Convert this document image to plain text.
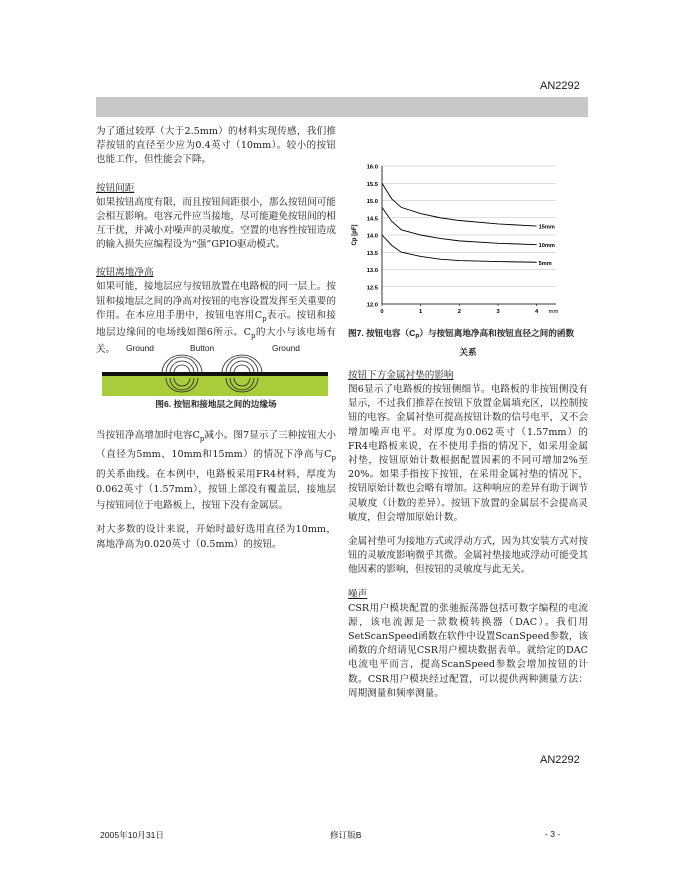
AN2292

为了通过较厚（大于2.5mm）的材料实现传感，我们推荐按钮的直径至少应为0.4英寸（10mm）。较小的按钮也能工作，但性能会下降。

按钮间距

如果按钮高度有限，而且按钮间距很小，那么按钮间可能会相互影响。电容元件应当接地，尽可能避免按钮间的相互干扰，并减小对噪声的灵敏度。空置的电容性按钮造成的输入损失应编程设为“强”GPIO驱动模式。

按钮离地净高

如果可能，接地层应与按钮放置在电路板的同一层上。按钮和接地层之间的净高对按钮的电容设置发挥至关重要的作用。在本应用手册中，按钮电容用$C_p$表示。按钮和接地层边缘间的电场线如图6所示。$C_p$的大小与该电场有关。	Ground	Button
图6. 按钮和接地层之间的边缘场
Ground

当按钮净高增加时电容$C_p$减小。图7显示了三种按钮大小（直径为5mm、10mm和15mm）的情况下净高与$C_p$的关系曲线。在本例中，电路板采用FR4材料，厚度为0.062英寸（1.57mm），按钮上部没有覆盖层，接地层与按钮同位于电路板上，按钮下没有金属层。

对大多数的设计来说，开始时最好选用直径为10mm，离地净高为0.020英寸（0.5mm）的按钮。

16.0
15.5
15.0
14.5
14.0
13.5
13.0
12.5
12.0
0	1	2	3	4 mm
Cp [pF]	15mm
10mm
5mm
图7. 按钮电容$(C_P)$与按钮离地净高和按钮直径之间的函数

关系

按钮下方金属衬垫的影响

图6显示了电路板的按钮侧细节。电路板的非按钮侧没有显示，不过我们推荐在按钮下放置金属填充区，以控制按钮的电容。金属衬垫可提高按钮计数的信号电平，又不会增加噪声电平。对厚度为0.062英寸（1.57mm）的FR4电路板来说，在不使用手指的情况下，如采用金属衬垫，按钮原始计数根据配置因素的不同可增加2%至20%。如果手指按下按钮，在采用金属衬垫的情况下，按钮原始计数也会略有增加。这种响应的差异有助于调节灵敏度（计数的差异）。按钮下放置的金属层不会提高灵敏度，但会增加原始计数。

金属衬垫可为接地方式或浮动方式，因为其安装方式对按钮的灵敏度影响微乎其微。金属衬垫接地或浮动可能受其他因素的影响，但按钮的灵敏度与此无关。

噪声

CSR用户模块配置的张驰振荡器包括可数字编程的电流源，该电流源是一款数模转换器（DAC）。我们用SetScanSpeed函数在软件中设置ScanSpeed参数，该函数的介绍请见CSR用户模块数据表单。就给定的DAC电流电平而言，提高ScanSpeed参数会增加按钮的计数。CSR用户模块经过配置，可以提供两种测量方法：周期测量和频率测量。

AN2292
2005年10月31日	修订版B	- 3 -
